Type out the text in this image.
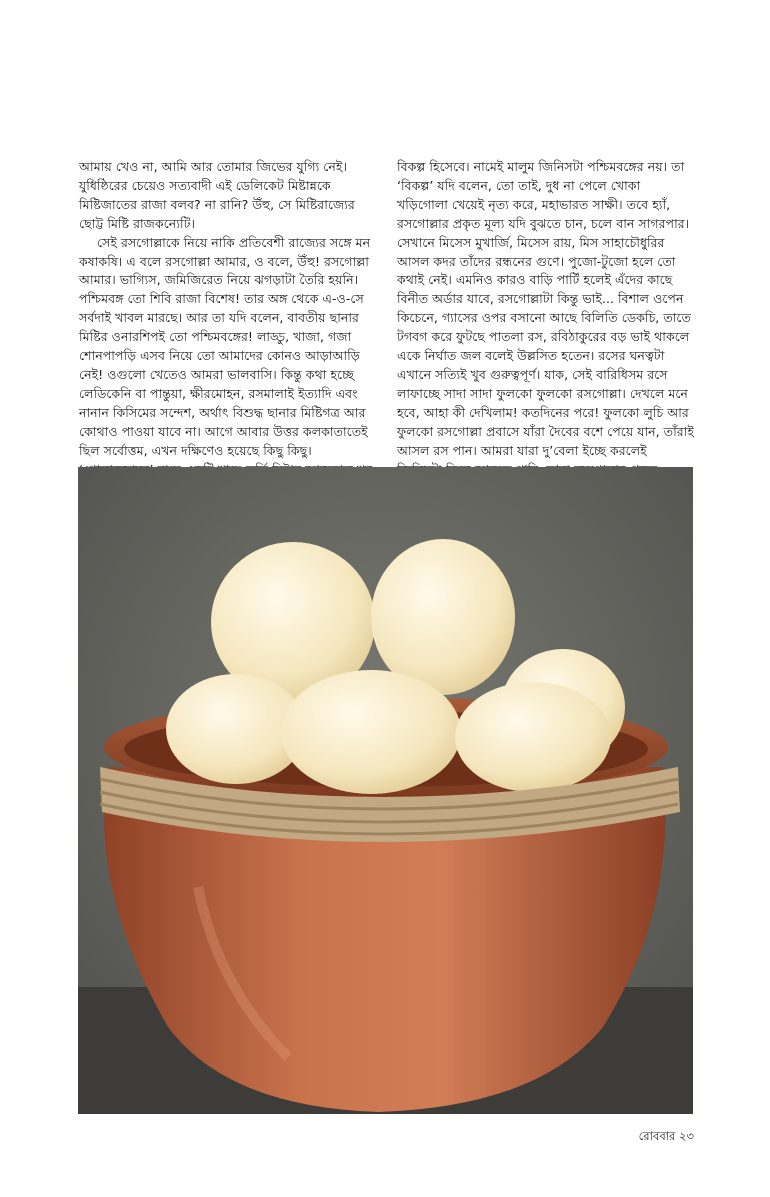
আমায় খেও না, আমি আর তোমার জিভের যুগ্যি নেই। যুধিষ্ঠিরের চেয়েও সত্যবাদী এই ডেলিকেট মিষ্টান্নকে মিষ্টিজাতের রাজা বলব? না রানি? উঁহু, সে মিষ্টিরাজ্যের ছোট্ট মিষ্টি রাজকন্যেটি।

সেই রসগোল্লাকে নিয়ে নাকি প্রতিবেশী রাজ্যের সঙ্গে মন কষাকষি। এ বলে রসগোল্লা আমার, ও বলে, উঁহু! রসগোল্লা আমার। ভাগ্যিস, জমিজিরেত নিয়ে ঝগড়াটা তৈরি হয়নি। পশ্চিমবঙ্গ তো শিবি রাজা বিশেষ! তার অঙ্গ থেকে এ-ও-সে সর্বদাই খাবল মারছে। আর তা যদি বলেন, বাবতীয় ছানার মিষ্টির ওনারশিপই তো পশ্চিমবঙ্গের! লাড্ডু, খাজা, গজা শোনপাপড়ি এসব নিয়ে তো আমাদের কোনও আড়াআড়ি নেই! ওগুলো খেতেও আমরা ভালবাসি। কিন্তু কথা হচ্ছে লেডিকেনি বা পান্তুয়া, ক্ষীরমোহন, রসমালাই ইত্যাদি এবং নানান কিসিমের সন্দেশ, অর্থাৎ বিশুদ্ধ ছানার মিষ্টিগত্র আর কোথাও পাওয়া যাবে না। আগে আবার উত্তর কলকাতাতেই ছিল সর্বোত্তম, এখন দক্ষিণেও হয়েছে কিছু কিছু।

বিকল্প হিসেবে। নামেই মালুম জিনিসটা পশ্চিমবঙ্গের নয়। তা ‘বিকল্প’ যদি বলেন, তো তাই, দুধ না পেলে খোকা খড়িগোলা খেয়েই নৃত্য করে, মহাভারত সাক্ষী। তবে হ্যাঁ, রসগোল্লার প্রকৃত মূল্য যদি বুঝতে চান, চলে বান সাগরপার। সেখানে মিসেস মুখার্জি, মিসেস রায়, মিস সাহাচৌধুরির আসল কদর তাঁদের রন্ধনের গুণে। পুজো-টুজো হলে তো কথাই নেই। এমনিও কারও বাড়ি পার্টি হলেই এঁদের কাছে বিনীত অর্ডার যাবে, রসগোল্লাটা কিন্তু ভাই... বিশাল ওপেন কিচেনে, গ্যাসের ওপর বসানো আছে বিলিতি ডেকচি, তাতে টগবগ করে ফুটছে পাতলা রস, রবিঠাকুরের বড় ভাই থাকলে একে নির্ঘাত জল বলেই উল্লসিত হতেন। রসের ঘনত্বটা এখানে সত্যিই খুব গুরুত্বপূর্ণ। যাক, সেই বারিধিসম রসে লাফাচ্ছে সাদা সাদা ফুলকো ফুলকো রসগোল্লা। দেখলে মনে হবে, আহা কী দেখিলাম! কতদিনের পরে! ফুলকো লুচি আর ফুলকো রসগোল্লা প্রবাসে যাঁরা দৈবের বশে পেয়ে যান, তাঁরাই আসল রস পান। আমরা যারা দু’বেলা ইচ্ছে করলেই

রোববার ২৩
